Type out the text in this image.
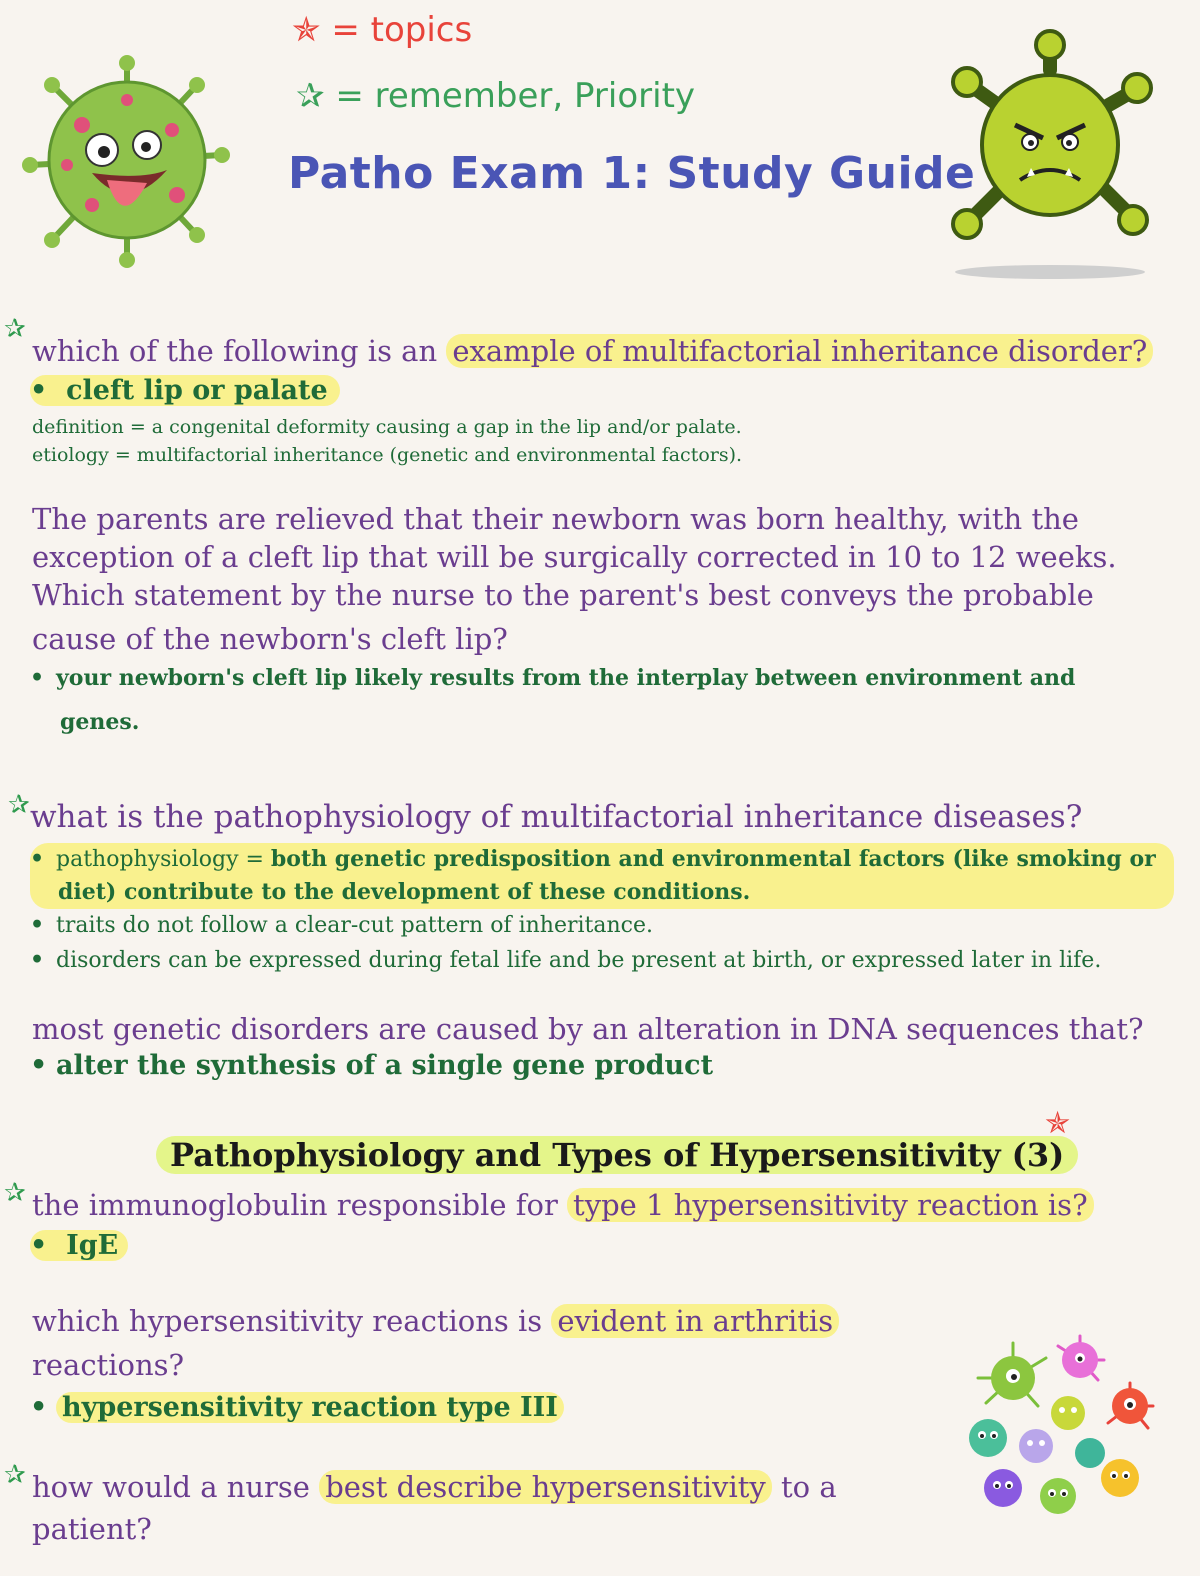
✯ = topics
✰ = remember, Priority
Patho Exam 1: Study Guide
✰
which of the following is an example of multifactorial inheritance disorder?
• cleft lip or palate
definition = a congenital deformity causing a gap in the lip and/or palate.
etiology = multifactorial inheritance (genetic and environmental factors).
The parents are relieved that their newborn was born healthy, with the
exception of a cleft lip that will be surgically corrected in 10 to 12 weeks.
Which statement by the nurse to the parent's best conveys the probable
cause of the newborn's cleft lip?
• your newborn's cleft lip likely results from the interplay between environment and
genes.
✰ what is the pathophysiology of multifactorial inheritance diseases?
• pathophysiology = both genetic predisposition and environmental factors (like smoking or
diet) contribute to the development of these conditions.
• traits do not follow a clear-cut pattern of inheritance.
• disorders can be expressed during fetal life and be present at birth, or expressed later in life.
most genetic disorders are caused by an alteration in DNA sequences that?
• alter the synthesis of a single gene product
Pathophysiology and Types of Hypersensitivity (3)
✯
✰ the immunoglobulin responsible for type 1 hypersensitivity reaction is?
• IgE
which hypersensitivity reactions is evident in arthritis
reactions?
• hypersensitivity reaction type III
✰ how would a nurse best describe hypersensitivity to a
patient?
